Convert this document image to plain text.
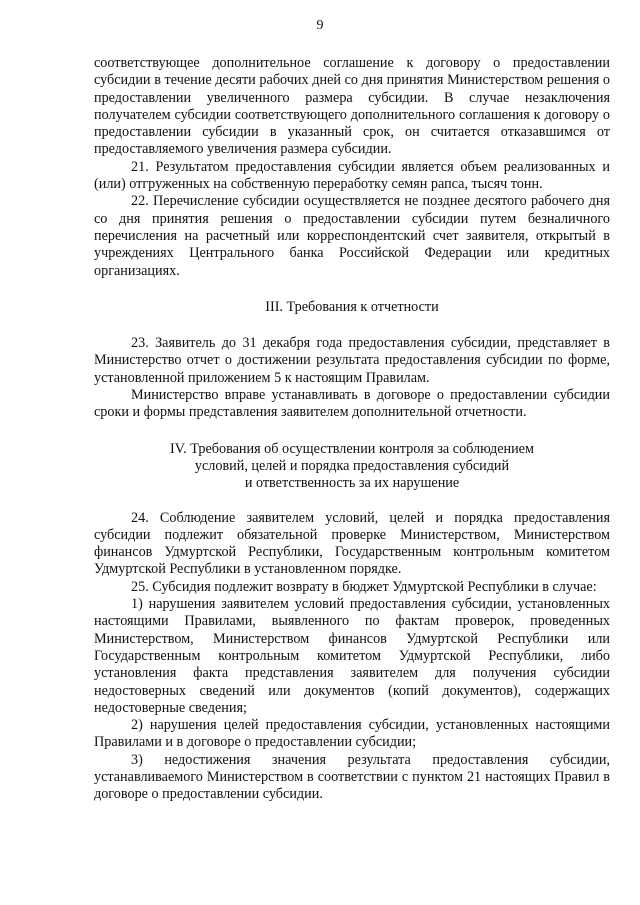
9

соответствующее дополнительное соглашение к договору о предоставлении субсидии в течение десяти рабочих дней со дня принятия Министерством решения о предоставлении увеличенного размера субсидии. В случае незаключения получателем субсидии соответствующего дополнительного соглашения к договору о предоставлении субсидии в указанный срок, он считается отказавшимся от предоставляемого увеличения размера субсидии.

21. Результатом предоставления субсидии является объем реализованных и (или) отгруженных на собственную переработку семян рапса, тысяч тонн.

22. Перечисление субсидии осуществляется не позднее десятого рабочего дня со дня принятия решения о предоставлении субсидии путем безналичного перечисления на расчетный или корреспондентский счет заявителя, открытый в учреждениях Центрального банка Российской Федерации или кредитных организациях.

III. Требования к отчетности

23. Заявитель до 31 декабря года предоставления субсидии, представляет в Министерство отчет о достижении результата предоставления субсидии по форме, установленной приложением 5 к настоящим Правилам.

Министерство вправе устанавливать в договоре о предоставлении субсидии сроки и формы представления заявителем дополнительной отчетности.

IV. Требования об осуществлении контроля за соблюдением

условий, целей и порядка предоставления субсидий

и ответственность за их нарушение

24. Соблюдение заявителем условий, целей и порядка предоставления субсидии подлежит обязательной проверке Министерством, Министерством финансов Удмуртской Республики, Государственным контрольным комитетом Удмуртской Республики в установленном порядке.

25. Субсидия подлежит возврату в бюджет Удмуртской Республики в случае:

1) нарушения заявителем условий предоставления субсидии, установленных настоящими Правилами, выявленного по фактам проверок, проведенных Министерством, Министерством финансов Удмуртской Республики или Государственным контрольным комитетом Удмуртской Республики, либо установления факта представления заявителем для получения субсидии недостоверных сведений или документов (копий документов), содержащих недостоверные сведения;

2) нарушения целей предоставления субсидии, установленных настоящими Правилами и в договоре о предоставлении субсидии;

3) недостижения значения результата предоставления субсидии, устанавливаемого Министерством в соответствии с пунктом 21 настоящих Правил в договоре о предоставлении субсидии.
